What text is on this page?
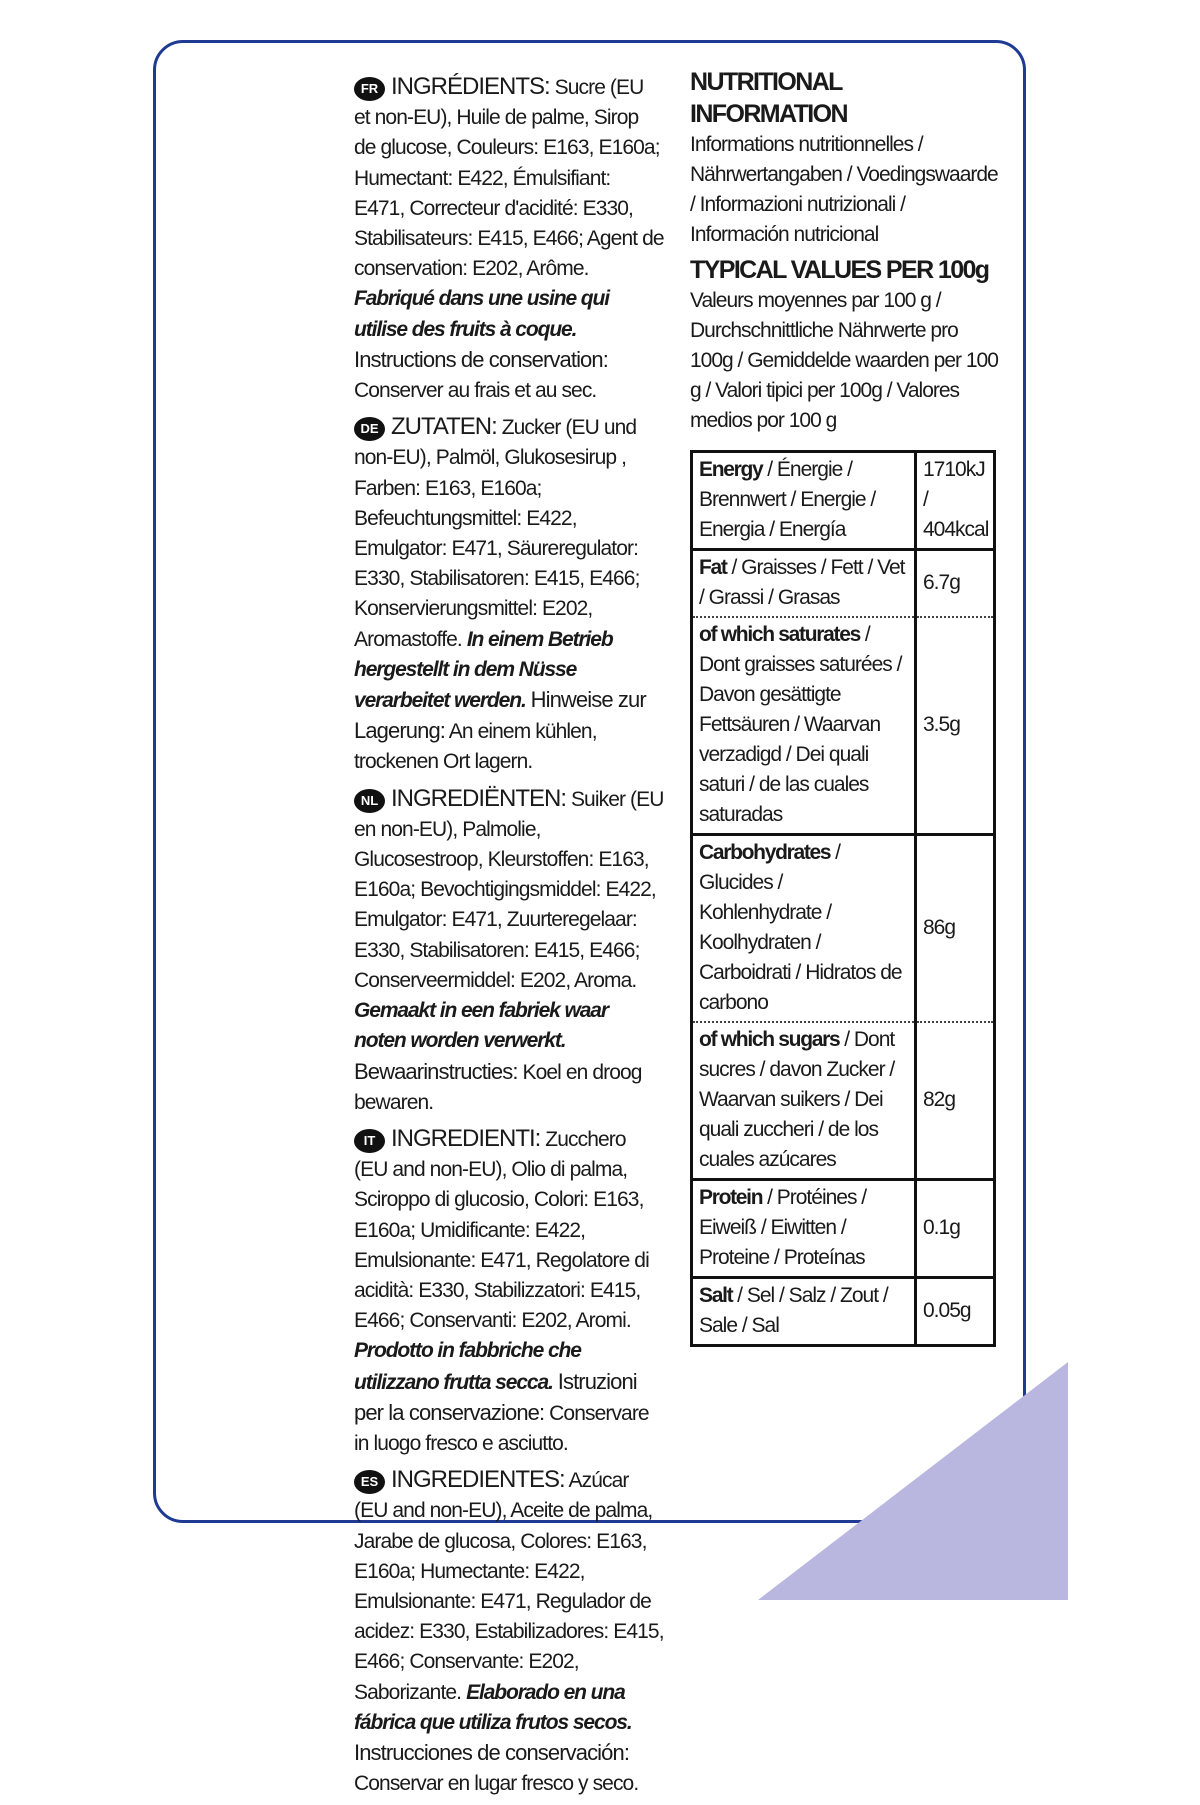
FR INGRÉDIENTS: Sucre (EU et non-EU), Huile de palme, Sirop de glucose, Couleurs: E163, E160a; Humectant: E422, Émulsifiant: E471, Correcteur d'acidité: E330, Stabilisateurs: E415, E466; Agent de conservation: E202, Arôme. Fabriqué dans une usine qui utilise des fruits à coque. Instructions de conservation: Conserver au frais et au sec.
DE ZUTATEN: Zucker (EU und non-EU), Palmöl, Glukosesirup , Farben: E163, E160a; Befeuchtungsmittel: E422, Emulgator: E471, Säureregulator: E330, Stabilisatoren: E415, E466; Konservierungsmittel: E202, Aromastoffe. In einem Betrieb hergestellt in dem Nüsse verarbeitet werden. Hinweise zur Lagerung: An einem kühlen, trockenen Ort lagern.
NL INGREDIËNTEN: Suiker (EU en non-EU), Palmolie, Glucosestroop, Kleurstoffen: E163, E160a; Bevochtigingsmiddel: E422, Emulgator: E471, Zuurteregelaar: E330, Stabilisatoren: E415, E466; Conserveermiddel: E202, Aroma. Gemaakt in een fabriek waar noten worden verwerkt. Bewaarinstructies: Koel en droog bewaren.
IT INGREDIENTI: Zucchero (EU and non-EU), Olio di palma, Sciroppo di glucosio, Colori: E163, E160a; Umidificante: E422, Emulsionante: E471, Regolatore di acidità: E330, Stabilizzatori: E415, E466; Conservanti: E202, Aromi. Prodotto in fabbriche che utilizzano frutta secca. Istruzioni per la conservazione: Conservare in luogo fresco e asciutto.
ES INGREDIENTES: Azúcar (EU and non-EU), Aceite de palma, Jarabe de glucosa, Colores: E163, E160a; Humectante: E422, Emulsionante: E471, Regulador de acidez: E330, Estabilizadores: E415, E466; Conservante: E202, Saborizante. Elaborado en una fábrica que utiliza frutos secos. Instrucciones de conservación: Conservar en lugar fresco y seco.

NUTRITIONAL INFORMATION

Informations nutritionnelles / Nährwertangaben / Voedingswaarde / Informazioni nutrizionali / Información nutricional

TYPICAL VALUES PER 100g

Valeurs moyennes par 100 g / Durchschnittliche Nährwerte pro 100g / Gemiddelde waarden per 100 g / Valori tipici per 100g / Valores medios por 100 g

Energy / Énergie / Brennwert / Energie / Energia / Energía	1710kJ / 404kcal
Fat / Graisses / Fett / Vet / Grassi / Grasas	6.7g
of which saturates / Dont graisses saturées / Davon gesättigte Fettsäuren / Waarvan verzadigd / Dei quali saturi / de las cuales saturadas	3.5g
Carbohydrates / Glucides / Kohlenhydrate / Koolhydraten / Carboidrati / Hidratos de carbono	86g
of which sugars / Dont sucres / davon Zucker / Waarvan suikers / Dei quali zuccheri / de los cuales azúcares	82g
Protein / Protéines / Eiweiß / Eiwitten / Proteine / Proteínas	0.1g
Salt / Sel / Salz / Zout / Sale / Sal	0.05g
